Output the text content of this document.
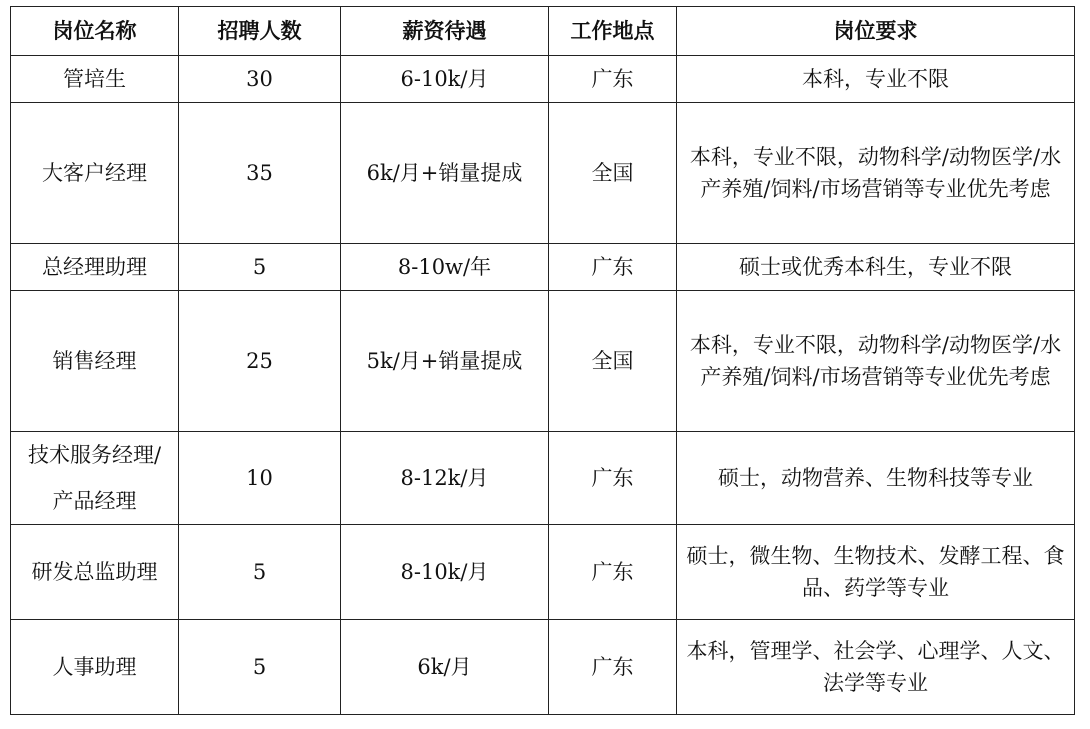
岗位名称	招聘人数	薪资待遇	工作地点	岗位要求
管培生	30	6-10k/月	广东	本科，专业不限
大客户经理	35	6k/月+销量提成	全国	本科，专业不限，动物科学/动物医学/水产养殖/饲料/市场营销等专业优先考虑
总经理助理	5	8-10w/年	广东	硕士或优秀本科生，专业不限
销售经理	25	5k/月+销量提成	全国	本科，专业不限，动物科学/动物医学/水产养殖/饲料/市场营销等专业优先考虑
技术服务经理/产品经理	10	8-12k/月	广东	硕士，动物营养、生物科技等专业
研发总监助理	5	8-10k/月	广东	硕士，微生物、生物技术、发酵工程、食品、药学等专业
人事助理	5	6k/月	广东	本科，管理学、社会学、心理学、人文、法学等专业
